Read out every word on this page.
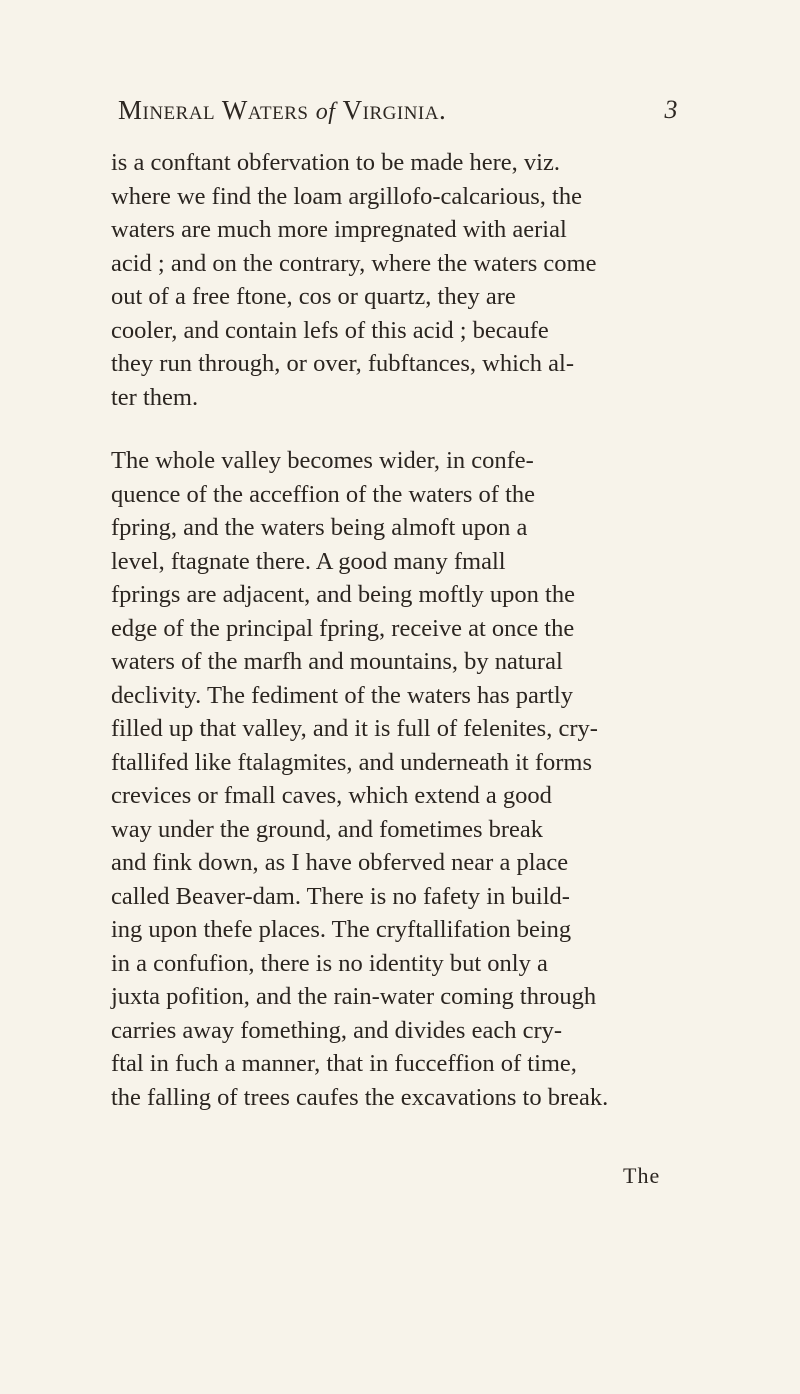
Mineral Waters of Virginia.	3
is a conftant obfervation to be made here, viz.
where we find the loam argillofo-calcarious, the
waters are much more impregnated with aerial
acid ; and on the contrary, where the waters come
out of a free ftone, cos or quartz, they are
cooler, and contain lefs of this acid ; becaufe
they run through, or over, fubftances, which al-
ter them.
The whole valley becomes wider, in confe-
quence of the acceffion of the waters of the
fpring, and the waters being almoft upon a
level, ftagnate there. A good many fmall
fprings are adjacent, and being moftly upon the
edge of the principal fpring, receive at once the
waters of the marfh and mountains, by natural
declivity. The fediment of the waters has partly
filled up that valley, and it is full of felenites, cry-
ftallifed like ftalagmites, and underneath it forms
crevices or fmall caves, which extend a good
way under the ground, and fometimes break
and fink down, as I have obferved near a place
called Beaver-dam. There is no fafety in build-
ing upon thefe places. The cryftallifation being
in a confufion, there is no identity but only a
juxta pofition, and the rain-water coming through
carries away fomething, and divides each cry-
ftal in fuch a manner, that in fucceffion of time,
the falling of trees caufes the excavations to break.
The
